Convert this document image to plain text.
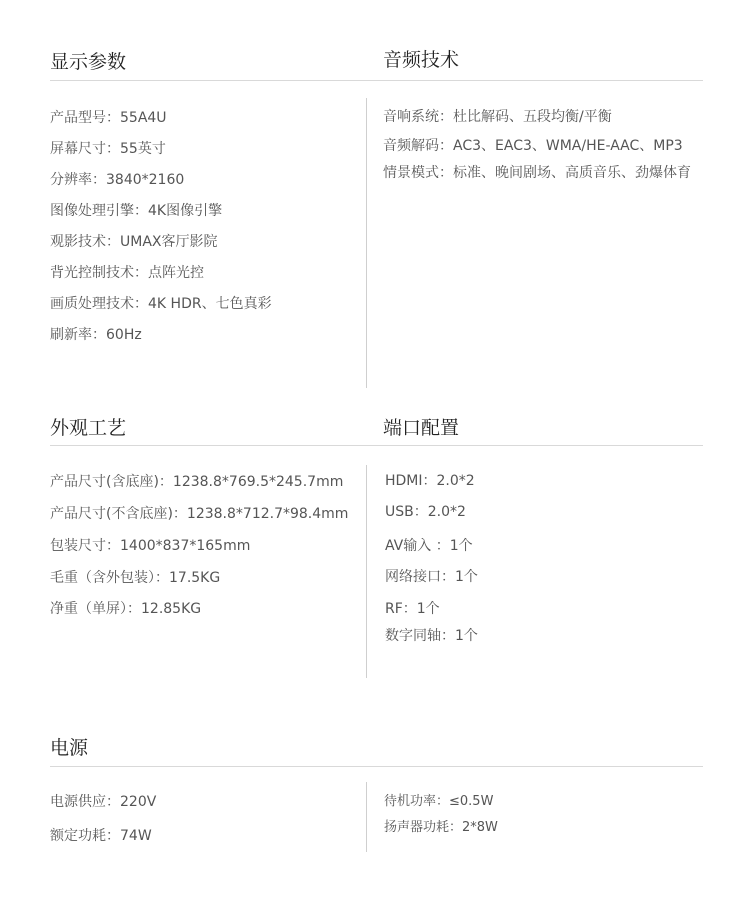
显示参数	音频技术
产品型号：55A4U
屏幕尺寸：55英寸
分辨率：3840*2160
图像处理引擎：4K图像引擎
观影技术：UMAX客厅影院
背光控制技术：点阵光控
画质处理技术：4K HDR、七色真彩
刷新率：60Hz
音响系统：杜比解码、五段均衡/平衡
音频解码：AC3、EAC3、WMA/HE-AAC、MP3
情景模式：标准、晚间剧场、高质音乐、劲爆体育
外观工艺	端口配置
产品尺寸(含底座)：1238.8*769.5*245.7mm
产品尺寸(不含底座)：1238.8*712.7*98.4mm
包装尺寸：1400*837*165mm
毛重（含外包装）：17.5KG
净重（单屏）：12.85KG
HDMI：2.0*2
USB：2.0*2
AV输入 ：1个
网络接口：1个
RF：1个
数字同轴：1个
电源
电源供应：220V
额定功耗：74W
待机功率：≤0.5W
扬声器功耗：2*8W
